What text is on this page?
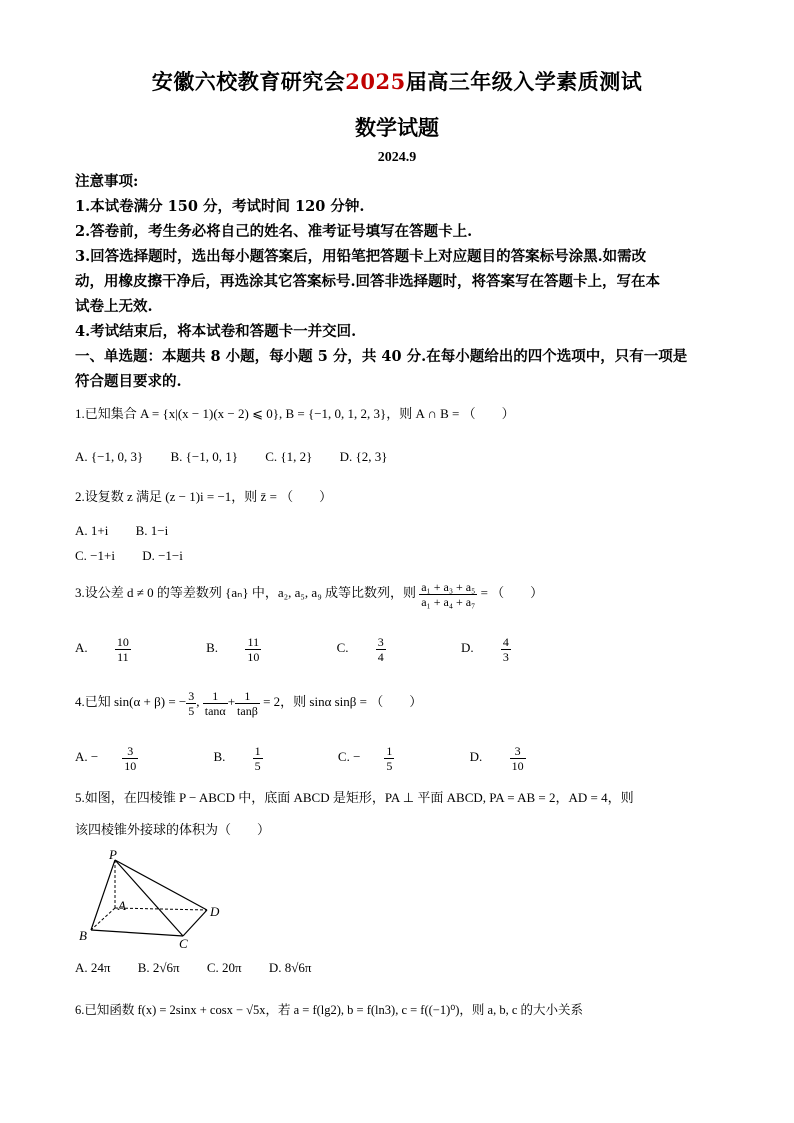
安徽六校教育研究会2025届高三年级入学素质测试
数学试题
2024.9
注意事项:
1.本试卷满分 150 分，考试时间 120 分钟.
2.答卷前，考生务必将自己的姓名、准考证号填写在答题卡上.
3.回答选择题时，选出每小题答案后，用铅笔把答题卡上对应题目的答案标号涂黑.如需改
动，用橡皮擦干净后，再选涂其它答案标号.回答非选择题时，将答案写在答题卡上，写在本
试卷上无效.
4.考试结束后，将本试卷和答题卡一并交回.
一、单选题：本题共 8 小题，每小题 5 分，共 40 分.在每小题给出的四个选项中，只有一项是
符合题目要求的.
1.已知集合 A = {x|(x − 1)(x − 2) ⩽ 0}, B = {−1, 0, 1, 2, 3}，则 A ∩ B = （　　）
A. {−1, 0, 3} B. {−1, 0, 1} C. {1, 2} D. {2, 3}
2.设复数 z 满足 (z − 1)i = −1，则 z̄ = （　　）
A. 1+i B. 1−i
C. −1+i D. −1−i
3.设公差 d ≠ 0 的等差数列 {aₙ} 中，a₂, a₅, a₉ 成等比数列，则 $\frac{\text{a₁ + a₃ + a₅}}{\text{a₁ + a₄ + a₇}}$ = （　　）
A. $\frac{10}{11}$	B. $\frac{11}{10}$	C. $\frac{3}{4}$	D. $\frac{4}{3}$
4.已知 sin(α + β) = − $\frac{3}{5}$ , $\frac{1}{\tan\alpha} + \frac{1}{\tan\beta} = 2$，则 sinα sinβ = （　　）
A. − $\frac{3}{10}$	B. $\frac{1}{5}$	C. − $\frac{1}{5}$	D. $\frac{3}{10}$
5.如图，在四棱锥 P − ABCD 中，底面 ABCD 是矩形，PA ⊥ 平面 ABCD, PA = AB = 2，AD = 4，则
该四棱锥外接球的体积为（　　）
P
A
B
C
D
A. 24π B. 2√6π C. 20π D. 8√6π
6.已知函数 f(x) = 2sinx + cosx − √5x，若 a = f(lg2), b = f(ln3), c = f((−1)⁰)，则 a, b, c 的大小关系
